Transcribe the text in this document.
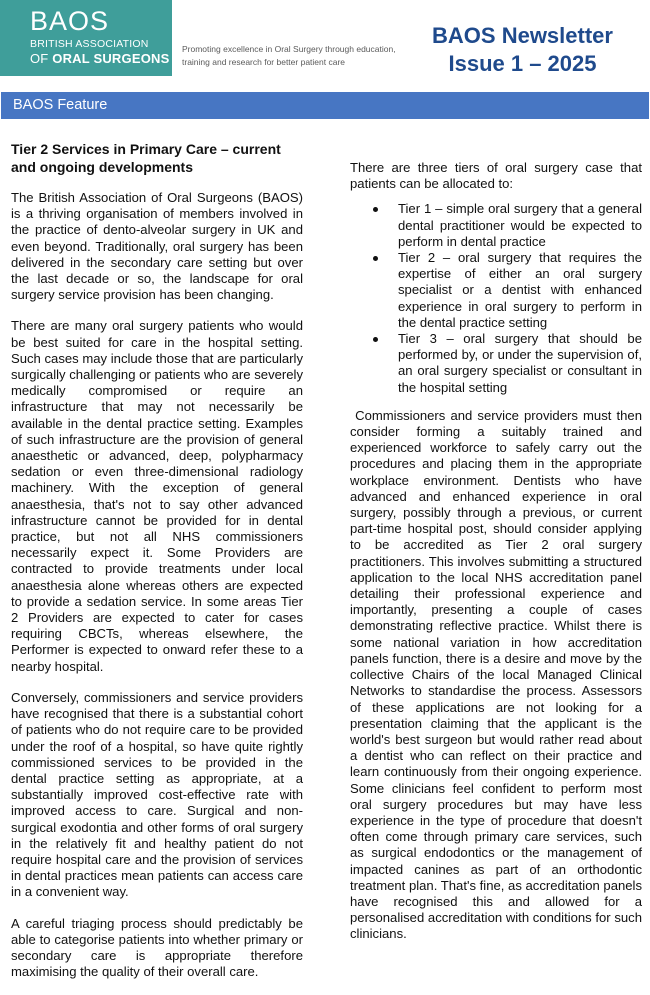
BAOS
BRITISH ASSOCIATION
OF ORAL SURGEONS
Promoting excellence in Oral Surgery through education, training and research for better patient care
BAOS Newsletter
Issue 1 – 2025
BAOS Feature
Tier 2 Services in Primary Care – current and ongoing developments

The British Association of Oral Surgeons (BAOS) is a thriving organisation of members involved in the practice of dento-alveolar surgery in UK and even beyond. Traditionally, oral surgery has been delivered in the secondary care setting but over the last decade or so, the landscape for oral surgery service provision has been changing.

There are many oral surgery patients who would be best suited for care in the hospital setting. Such cases may include those that are particularly surgically challenging or patients who are severely medically compromised or require an infrastructure that may not necessarily be available in the dental practice setting. Examples of such infrastructure are the provision of general anaesthetic or advanced, deep, polypharmacy sedation or even three-dimensional radiology machinery. With the exception of general anaesthesia, that's not to say other advanced infrastructure cannot be provided for in dental practice, but not all NHS commissioners necessarily expect it. Some Providers are contracted to provide treatments under local anaesthesia alone whereas others are expected to provide a sedation service. In some areas Tier 2 Providers are expected to cater for cases requiring CBCTs, whereas elsewhere, the Performer is expected to onward refer these to a nearby hospital.

Conversely, commissioners and service providers have recognised that there is a substantial cohort of patients who do not require care to be provided under the roof of a hospital, so have quite rightly commissioned services to be provided in the dental practice setting as appropriate, at a substantially improved cost-effective rate with improved access to care. Surgical and non-surgical exodontia and other forms of oral surgery in the relatively fit and healthy patient do not require hospital care and the provision of services in dental practices mean patients can access care in a convenient way.

A careful triaging process should predictably be able to categorise patients into whether primary or secondary care is appropriate therefore maximising the quality of their overall care.

There are three tiers of oral surgery case that patients can be allocated to:

Tier 1 – simple oral surgery that a general dental practitioner would be expected to perform in dental practice
Tier 2 – oral surgery that requires the expertise of either an oral surgery specialist or a dentist with enhanced experience in oral surgery to perform in the dental practice setting
Tier 3 – oral surgery that should be performed by, or under the supervision of, an oral surgery specialist or consultant in the hospital setting

Commissioners and service providers must then consider forming a suitably trained and experienced workforce to safely carry out the procedures and placing them in the appropriate workplace environment. Dentists who have advanced and enhanced experience in oral surgery, possibly through a previous, or current part-time hospital post, should consider applying to be accredited as Tier 2 oral surgery practitioners. This involves submitting a structured application to the local NHS accreditation panel detailing their professional experience and importantly, presenting a couple of cases demonstrating reflective practice. Whilst there is some national variation in how accreditation panels function, there is a desire and move by the collective Chairs of the local Managed Clinical Networks to standardise the process. Assessors of these applications are not looking for a presentation claiming that the applicant is the world's best surgeon but would rather read about a dentist who can reflect on their practice and learn continuously from their ongoing experience. Some clinicians feel confident to perform most oral surgery procedures but may have less experience in the type of procedure that doesn't often come through primary care services, such as surgical endodontics or the management of impacted canines as part of an orthodontic treatment plan. That's fine, as accreditation panels have recognised this and allowed for a personalised accreditation with conditions for such clinicians.
